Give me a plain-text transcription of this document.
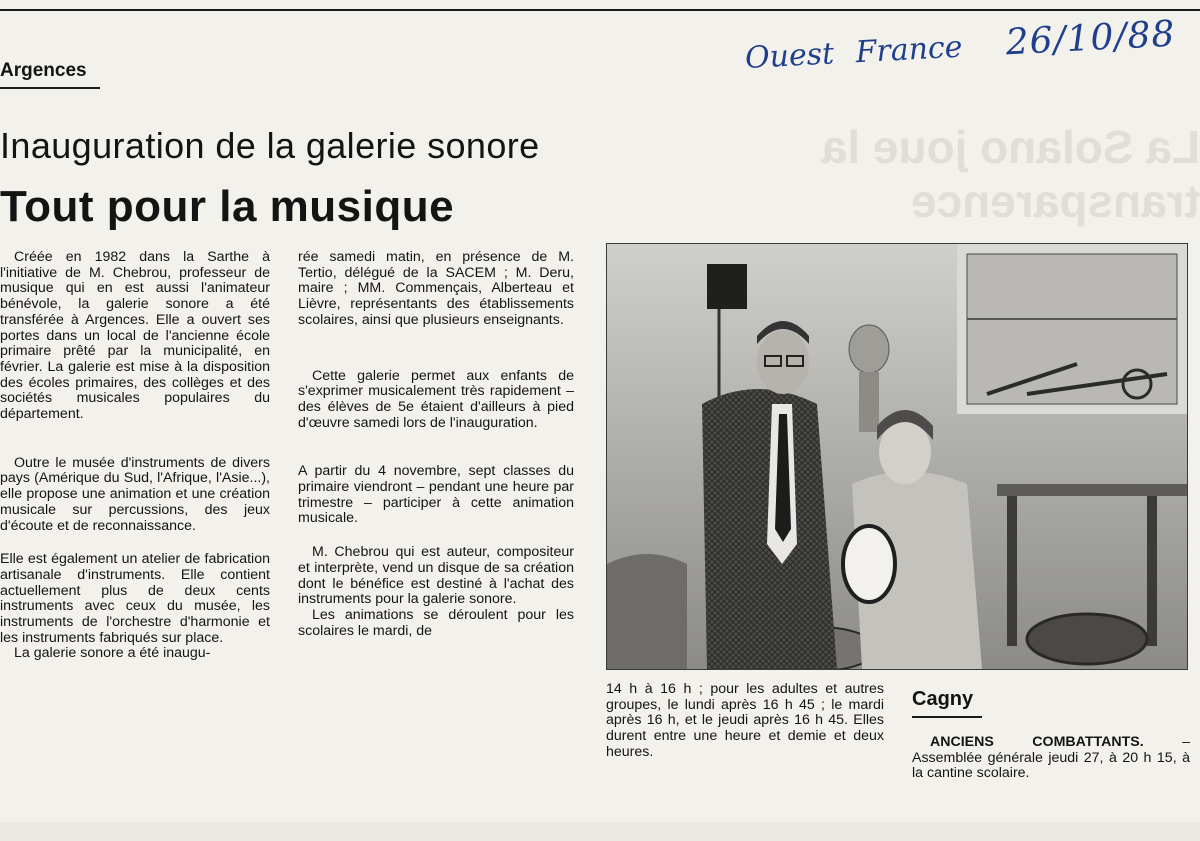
Argences
La Solano joue la transparence
Ouest France 26/10/88
Inauguration de la galerie sonore
Tout pour la musique

Créée en 1982 dans la Sarthe à l'initiative de M. Chebrou, professeur de musique qui en est aussi l'animateur bénévole, la galerie sonore a été transférée à Argences. Elle a ouvert ses portes dans un local de l'ancienne école primaire prêté par la municipalité, en février. La galerie est mise à la disposition des écoles primaires, des collèges et des sociétés musicales populaires du département.

Outre le musée d'instruments de divers pays (Amérique du Sud, l'Afrique, l'Asie...), elle propose une animation et une création musicale sur percussions, des jeux d'écoute et de reconnaissance.

Elle est également un atelier de fabrication artisanale d'instruments. Elle contient actuellement plus de deux cents instruments avec ceux du musée, les instruments de l'orchestre d'harmonie et les instruments fabriqués sur place.

La galerie sonore a été inaugu-

rée samedi matin, en présence de M. Tertio, délégué de la SACEM ; M. Deru, maire ; MM. Commençais, Alberteau et Lièvre, représentants des établissements scolaires, ainsi que plusieurs enseignants.

Cette galerie permet aux enfants de s'exprimer musicalement très rapidement – des élèves de 5e étaient d'ailleurs à pied d'œuvre samedi lors de l'inauguration.

A partir du 4 novembre, sept classes du primaire viendront – pendant une heure par trimestre – participer à cette animation musicale.

M. Chebrou qui est auteur, compositeur et interprète, vend un disque de sa création dont le bénéfice est destiné à l'achat des instruments pour la galerie sonore.

Les animations se déroulent pour les scolaires le mardi, de

14 h à 16 h ; pour les adultes et autres groupes, le lundi après 16 h 45 ; le mardi après 16 h, et le jeudi après 16 h 45. Elles durent entre une heure et demie et deux heures.
Cagny

ANCIENS COMBATTANTS. – Assemblée générale jeudi 27, à 20 h 15, à la cantine scolaire.
